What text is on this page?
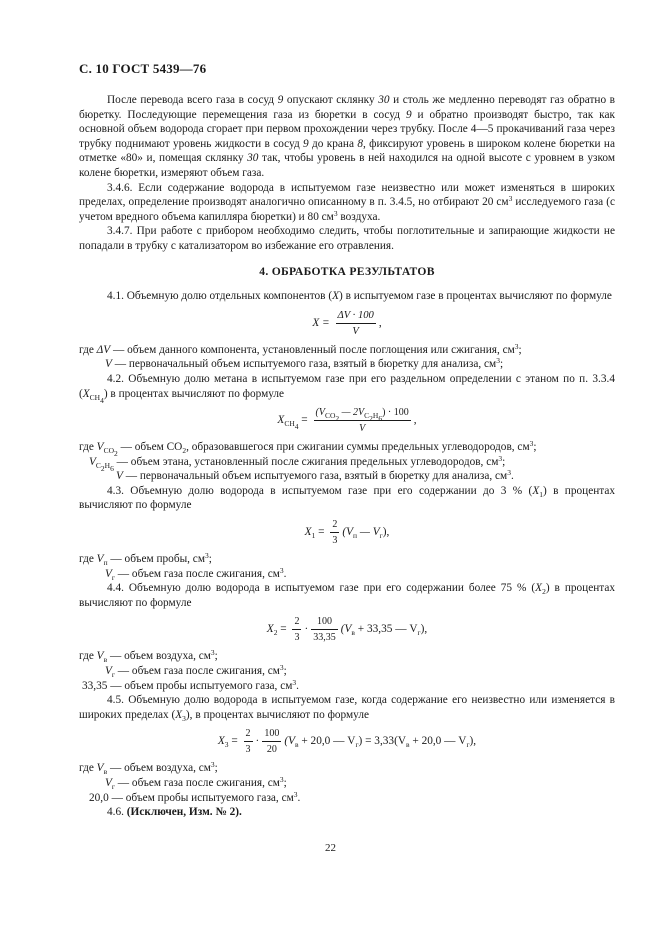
С. 10 ГОСТ 5439—76

После перевода всего газа в сосуд 9 опускают склянку 30 и столь же медленно переводят газ обратно в бюретку. Последующие перемещения газа из бюретки в сосуд 9 и обратно производят быстро, так как основной объем водорода сгорает при первом прохождении через трубку. После 4—5 прокачиваний газа через трубку поднимают уровень жидкости в сосуд 9 до крана 8, фиксируют уровень в широком колене бюретки на отметке «80» и, помещая склянку 30 так, чтобы уровень в ней находился на одной высоте с уровнем в узком колене бюретки, измеряют объем газа.

3.4.6. Если содержание водорода в испытуемом газе неизвестно или может изменяться в широких пределах, определение производят аналогично описанному в п. 3.4.5, но отбирают 20 $см^3$ исследуемого газа (с учетом вредного объема капилляра бюретки) и 80 $см^3$ воздуха.

3.4.7. При работе с прибором необходимо следить, чтобы поглотительные и запирающие жидкости не попадали в трубку с катализатором во избежание его отравления.

4. ОБРАБОТКА РЕЗУЛЬТАТОВ

4.1. Объемную долю отдельных компонентов (X) в испытуемом газе в процентах вычисляют по формуле

$X = \frac{\Delta V \cdot 100}{V}$ ,

где ΔV — объем данного компонента, установленный после поглощения или сжигания, $см^3$;

V — первоначальный объем испытуемого газа, взятый в бюретку для анализа, $см^3$;

4.2. Объемную долю метана в испытуемом газе при его раздельном определении с этаном по п. 3.3.4 $(X_{CH_4})$ в процентах вычисляют по формуле

$X_{CH_4} = \frac{(V_{CO_2} — 2V_{C_2H_6}) \cdot 100}{V}$ ,

где $V_{CO_2}$ — объем $CO_2$, образовавшегося при сжигании суммы предельных углеводородов, $см^3$;

$V_{C_2H_6}$ — объем этана, установленный после сжигания предельных углеводородов, $см^3$;

V — первоначальный объем испытуемого газа, взятый в бюретку для анализа, $см^3$.

4.3. Объемную долю водорода в испытуемом газе при его содержании до 3 % $(X_1)$ в процентах вычисляют по формуле

$X_1 = \frac{2}{3} (V_п$ — $V_г$),

где $V_п$ — объем пробы, $см^3$;

$V_г$ — объем газа после сжигания, $см^3$.

4.4. Объемную долю водорода в испытуемом газе при его содержании более 75 % $(X_2)$ в процентах вычисляют по формуле

$X_2 = \frac{2}{3} \cdot \frac{100}{33,35} (V_в + 33,35$ — $V_г$),

где $V_в$ — объем воздуха, $см^3$;

$V_г$ — объем газа после сжигания, $см^3$;

33,35 — объем пробы испытуемого газа, $см^3$.

4.5. Объемную долю водорода в испытуемом газе, когда содержание его неизвестно или изменяется в широких пределах $(X_3)$, в процентах вычисляют по формуле

$X_3 = \frac{2}{3} \cdot \frac{100}{20} (V_в + 20,0$ — $V_г) = 3,33(V_в + 20,0$ — $V_г$),

где $V_в$ — объем воздуха, $см^3$;

$V_г$ — объем газа после сжигания, $см^3$;

20,0 — объем пробы испытуемого газа, $см^3$.

4.6. (Исключен, Изм. № 2).

22
